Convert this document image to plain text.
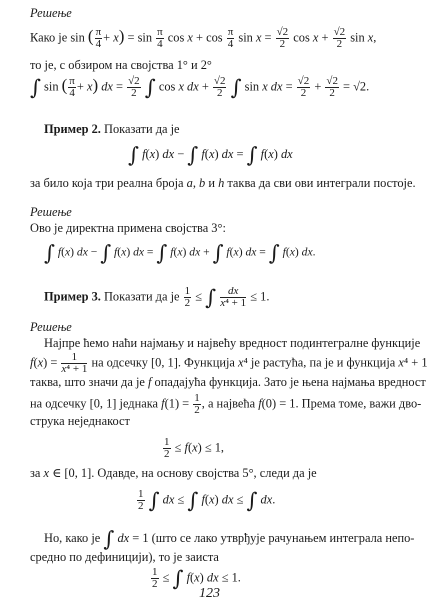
Решење
Како је sin ( $\frac{\pi}{4} + x) = \sin \frac{\pi}{4}$ $\cos x + \cos \frac{\pi}{4}$ $\sin x = \frac{√2}{2}$ $\cos x + \frac{√2}{2}$ sin x,
то је, с обзиром на својства 1° и 2°
∫ sin ( $\frac{\pi}{4} + x$) dx = $\frac{√2}{2}$ ∫ cos x dx + $\frac{√2}{2}$ ∫ sin x dx = $\frac{√2}{2} + \frac{√2}{2} = √2$.
Пример 2. Показати да је
∫ f(x) dx − ∫ f(x) dx = ∫ f(x) dx
за било која три реална броја a, b и h таква да сви ови интеграли постоје.
Решење
Ово је директна примена својства 3°:
∫ f(x) dx − ∫ f(x) dx = ∫ f(x) dx + ∫ f(x) dx = ∫ f(x) dx.
Пример 3. Показати да је $\frac{1}{2}$ ≤ ∫ $\frac{dx}{\text{x⁴ + 1}} \le 1$.
Решење
Најпре ћемо наћи најмању и највећу вредност подинтегралне функције
$f(x) = \frac{1}{\text{x⁴ + 1}}$ на одсечку [0, 1]. Функција x⁴ је растућа, па је и функција x⁴ + 1
таква, што значи да је f опадајућа функција. Зато је њена најмања вредност
на одсечку [0, 1] једнака $f(1) = \frac{1}{2}$ , а највећа f(0) = 1. Према томе, важи дво-
струка неједнакост
$\frac{1}{2} \le f(x) \le 1$,
за x ∈ [0, 1]. Одавде, на основу својства 5°, следи да је
$\frac{1}{2}$ ∫ dx ≤ ∫ f(x) dx ≤ ∫ dx.
Но, како је ∫ dx = 1 (што се лако утврђује рачунањем интеграла непо-
средно по дефиницији), то је заиста
$\frac{1}{2}$ ≤ ∫ f(x) dx ≤ 1.
123
